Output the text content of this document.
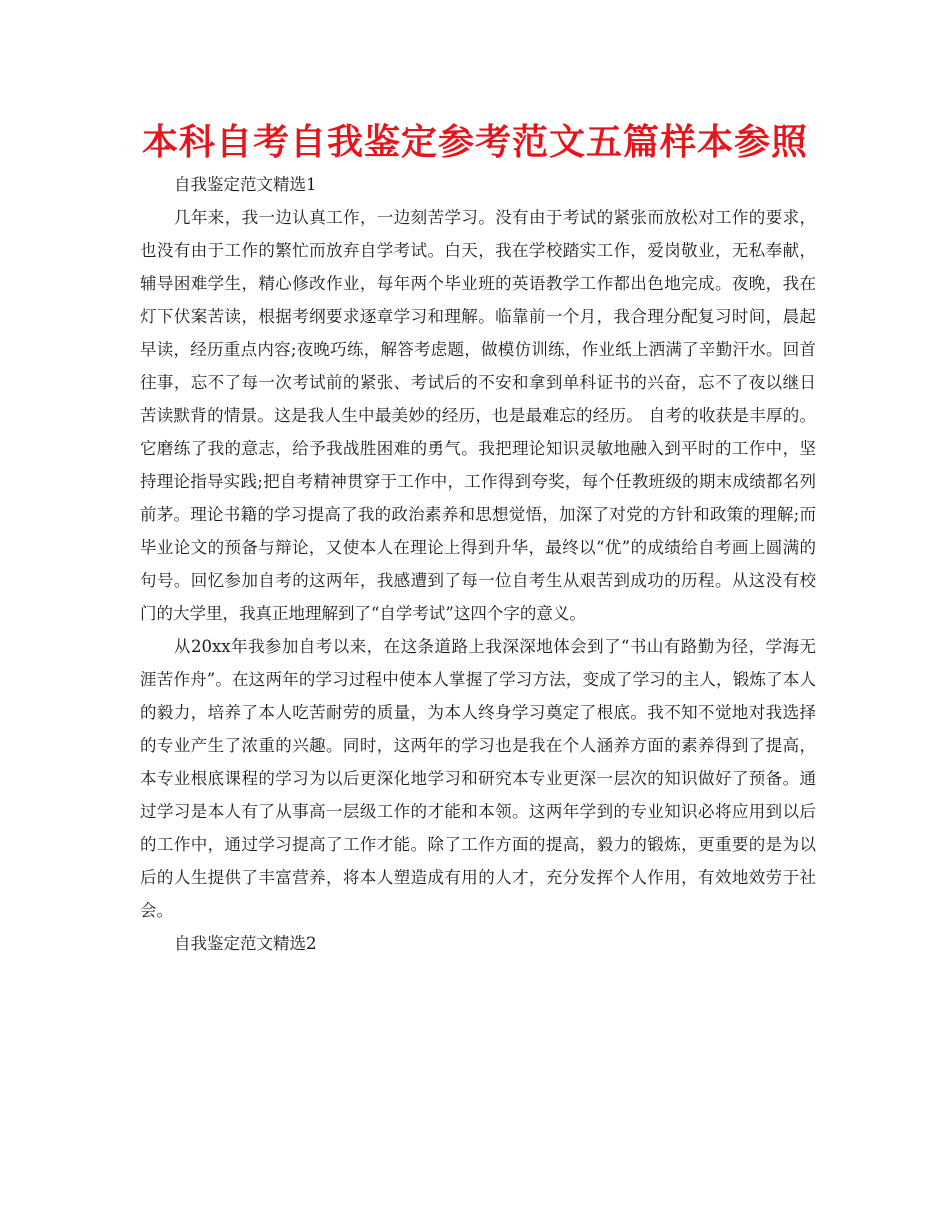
本科自考自我鉴定参考范文五篇样本参照

自我鉴定范文精选1

几年来，我一边认真工作，一边刻苦学习。没有由于考试的紧张而放松对工作的要求，也没有由于工作的繁忙而放弃自学考试。白天，我在学校踏实工作，爱岗敬业，无私奉献，辅导困难学生，精心修改作业，每年两个毕业班的英语教学工作都出色地完成。夜晚，我在灯下伏案苦读，根据考纲要求逐章学习和理解。临靠前一个月，我合理分配复习时间，晨起早读，经历重点内容;夜晚巧练，解答考虑题，做模仿训练，作业纸上洒满了辛勤汗水。回首往事，忘不了每一次考试前的紧张、考试后的不安和拿到单科证书的兴奋，忘不了夜以继日苦读默背的情景。这是我人生中最美妙的经历，也是最难忘的经历。 自考的收获是丰厚的。它磨练了我的意志，给予我战胜困难的勇气。我把理论知识灵敏地融入到平时的工作中，坚持理论指导实践;把自考精神贯穿于工作中，工作得到夸奖，每个任教班级的期末成绩都名列前茅。理论书籍的学习提高了我的政治素养和思想觉悟，加深了对党的方针和政策的理解;而毕业论文的预备与辩论，又使本人在理论上得到升华，最终以“优”的成绩给自考画上圆满的句号。回忆参加自考的这两年，我感遭到了每一位自考生从艰苦到成功的历程。从这没有校门的大学里，我真正地理解到了“自学考试”这四个字的意义。

从20xx年我参加自考以来，在这条道路上我深深地体会到了“书山有路勤为径，学海无涯苦作舟”。在这两年的学习过程中使本人掌握了学习方法，变成了学习的主人，锻炼了本人的毅力，培养了本人吃苦耐劳的质量，为本人终身学习奠定了根底。我不知不觉地对我选择的专业产生了浓重的兴趣。同时，这两年的学习也是我在个人涵养方面的素养得到了提高，本专业根底课程的学习为以后更深化地学习和研究本专业更深一层次的知识做好了预备。通过学习是本人有了从事高一层级工作的才能和本领。这两年学到的专业知识必将应用到以后的工作中，通过学习提高了工作才能。除了工作方面的提高，毅力的锻炼，更重要的是为以后的人生提供了丰富营养，将本人塑造成有用的人才，充分发挥个人作用，有效地效劳于社会。

自我鉴定范文精选2
